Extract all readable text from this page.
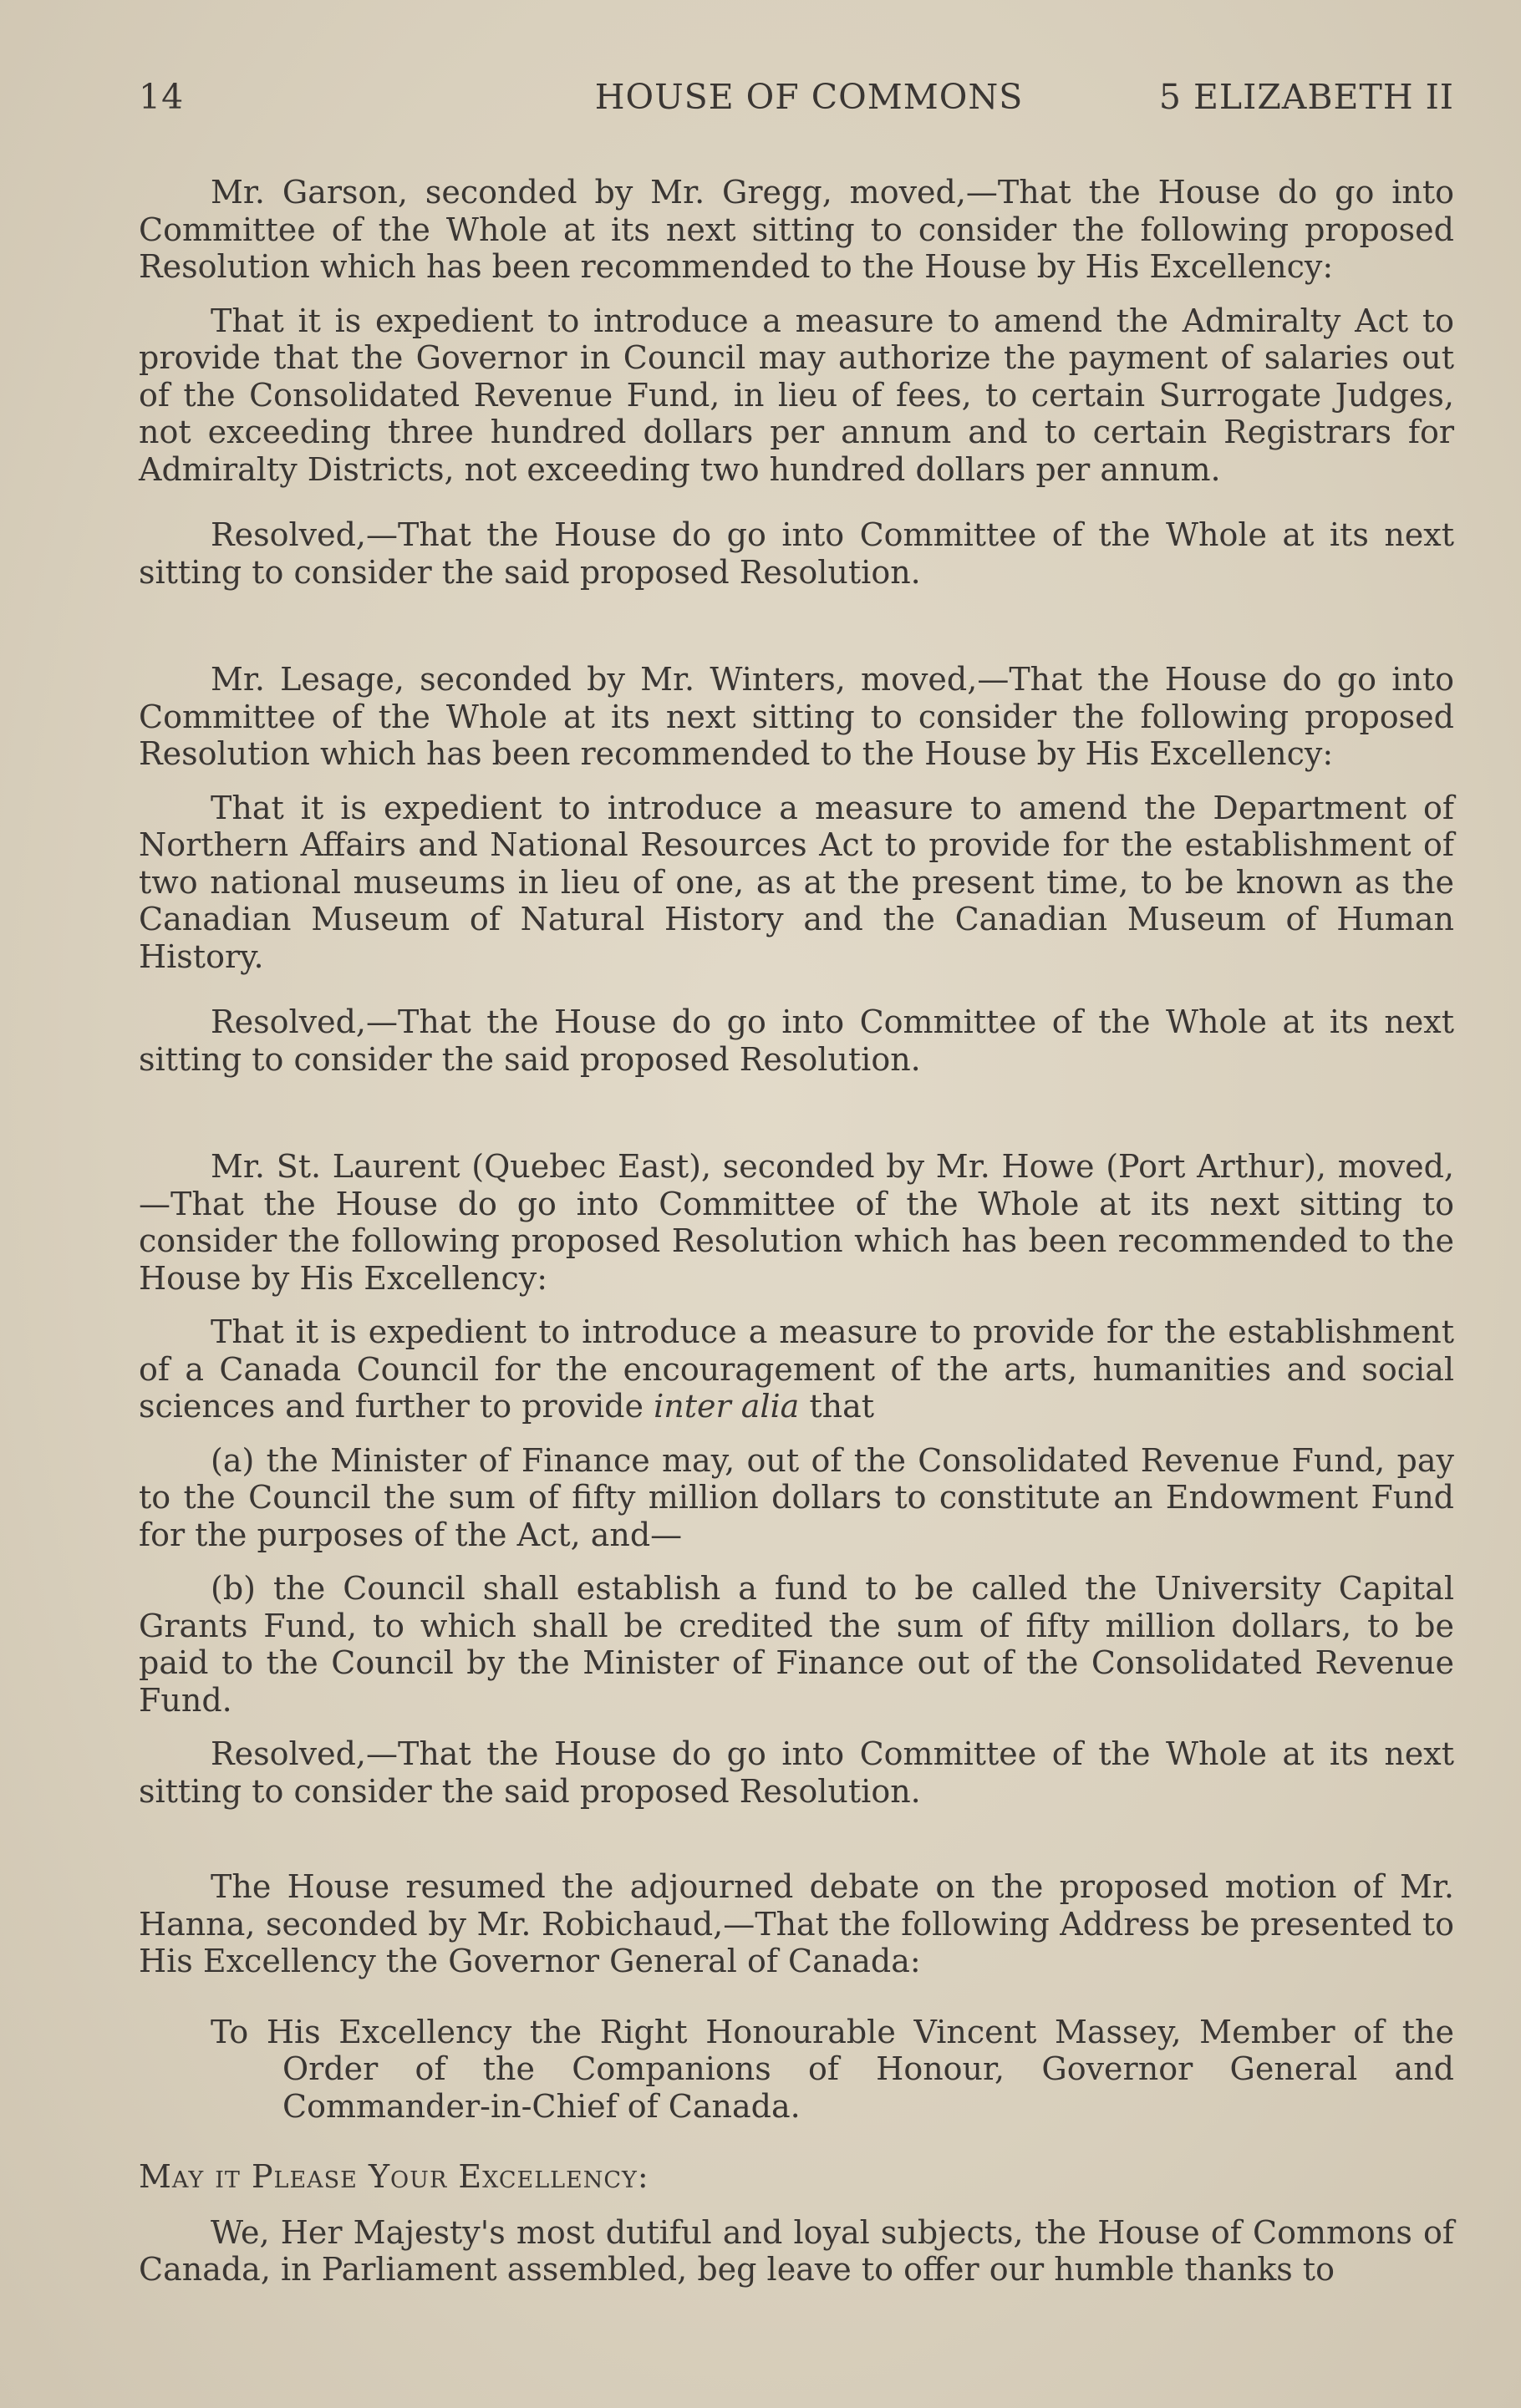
14	HOUSE OF COMMONS	5 ELIZABETH II

Mr. Garson, seconded by Mr. Gregg, moved,—That the House do go into Committee of the Whole at its next sitting to consider the following proposed Resolution which has been recommended to the House by His Excellency:

That it is expedient to introduce a measure to amend the Admiralty Act to provide that the Governor in Council may authorize the payment of salaries out of the Consolidated Revenue Fund, in lieu of fees, to certain Surrogate Judges, not exceeding three hundred dollars per annum and to certain Registrars for Admiralty Districts, not exceeding two hundred dollars per annum.

Resolved,—That the House do go into Committee of the Whole at its next sitting to consider the said proposed Resolution.

Mr. Lesage, seconded by Mr. Winters, moved,—That the House do go into Committee of the Whole at its next sitting to consider the following proposed Resolution which has been recommended to the House by His Excellency:

That it is expedient to introduce a measure to amend the Department of Northern Affairs and National Resources Act to provide for the establishment of two national museums in lieu of one, as at the present time, to be known as the Canadian Museum of Natural History and the Canadian Museum of Human History.

Resolved,—That the House do go into Committee of the Whole at its next sitting to consider the said proposed Resolution.

Mr. St. Laurent (Quebec East), seconded by Mr. Howe (Port Arthur), moved,—That the House do go into Committee of the Whole at its next sitting to consider the following proposed Resolution which has been recommended to the House by His Excellency:

That it is expedient to introduce a measure to provide for the establishment of a Canada Council for the encouragement of the arts, humanities and social sciences and further to provide inter alia that

(a) the Minister of Finance may, out of the Consolidated Revenue Fund, pay to the Council the sum of fifty million dollars to constitute an Endowment Fund for the purposes of the Act, and—

(b) the Council shall establish a fund to be called the University Capital Grants Fund, to which shall be credited the sum of fifty million dollars, to be paid to the Council by the Minister of Finance out of the Consolidated Revenue Fund.

Resolved,—That the House do go into Committee of the Whole at its next sitting to consider the said proposed Resolution.

The House resumed the adjourned debate on the proposed motion of Mr. Hanna, seconded by Mr. Robichaud,—That the following Address be presented to His Excellency the Governor General of Canada:

To His Excellency the Right Honourable Vincent Massey, Member of the Order of the Companions of Honour, Governor General and Commander-in-Chief of Canada.

May it Please Your Excellency:

We, Her Majesty's most dutiful and loyal subjects, the House of Commons of Canada, in Parliament assembled, beg leave to offer our humble thanks to
